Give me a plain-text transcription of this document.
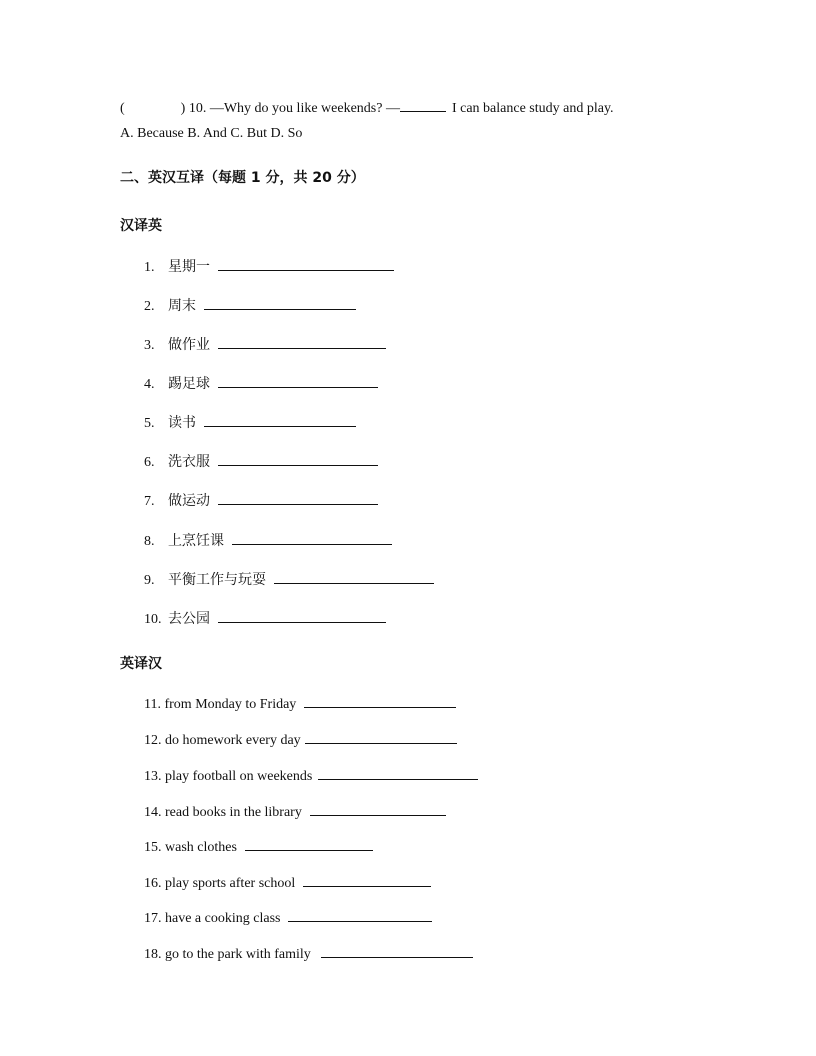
(	) 10. —Why do you like weekends? —	I can balance study and play.
A. Because B. And C. But D. So
二、英汉互译（每题 1 分，共 20 分）
汉译英
1. 星期一
2. 周末
3. 做作业
4. 踢足球
5. 读书
6. 洗衣服
7. 做运动
8. 上烹饪课
9. 平衡工作与玩耍
10. 去公园
英译汉
11. from Monday to Friday
12. do homework every day
13. play football on weekends
14. read books in the library
15. wash clothes
16. play sports after school
17. have a cooking class
18. go to the park with family
